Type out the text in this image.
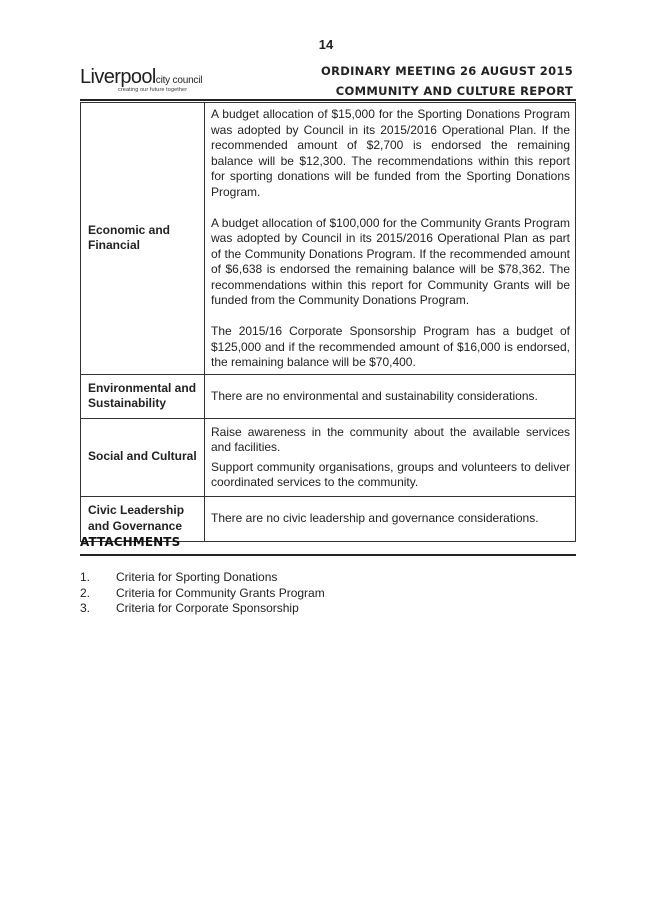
14
Liverpoolcity council
creating our future together
ORDINARY MEETING 26 AUGUST 2015
COMMUNITY AND CULTURE REPORT
Economic and Financial	A budget allocation of $15,000 for the Sporting Donations Program was adopted by Council in its 2015/2016 Operational Plan. If the recommended amount of $2,700 is endorsed the remaining balance will be $12,300. The recommendations within this report for sporting donations will be funded from the Sporting Donations Program.

A budget allocation of $100,000 for the Community Grants Program was adopted by Council in its 2015/2016 Operational Plan as part of the Community Donations Program. If the recommended amount of $6,638 is endorsed the remaining balance will be $78,362. The recommendations within this report for Community Grants will be funded from the Community Donations Program.

The 2015/16 Corporate Sponsorship Program has a budget of $125,000 and if the recommended amount of $16,000 is endorsed, the remaining balance will be $70,400.

Environmental and Sustainability	There are no environmental and sustainability considerations.

Social and Cultural	Raise awareness in the community about the available services and facilities.

Support community organisations, groups and volunteers to deliver coordinated services to the community.

Civic Leadership and Governance	There are no civic leadership and governance considerations.

ATTACHMENTS
1. Criteria for Sporting Donations
2. Criteria for Community Grants Program
3. Criteria for Corporate Sponsorship
